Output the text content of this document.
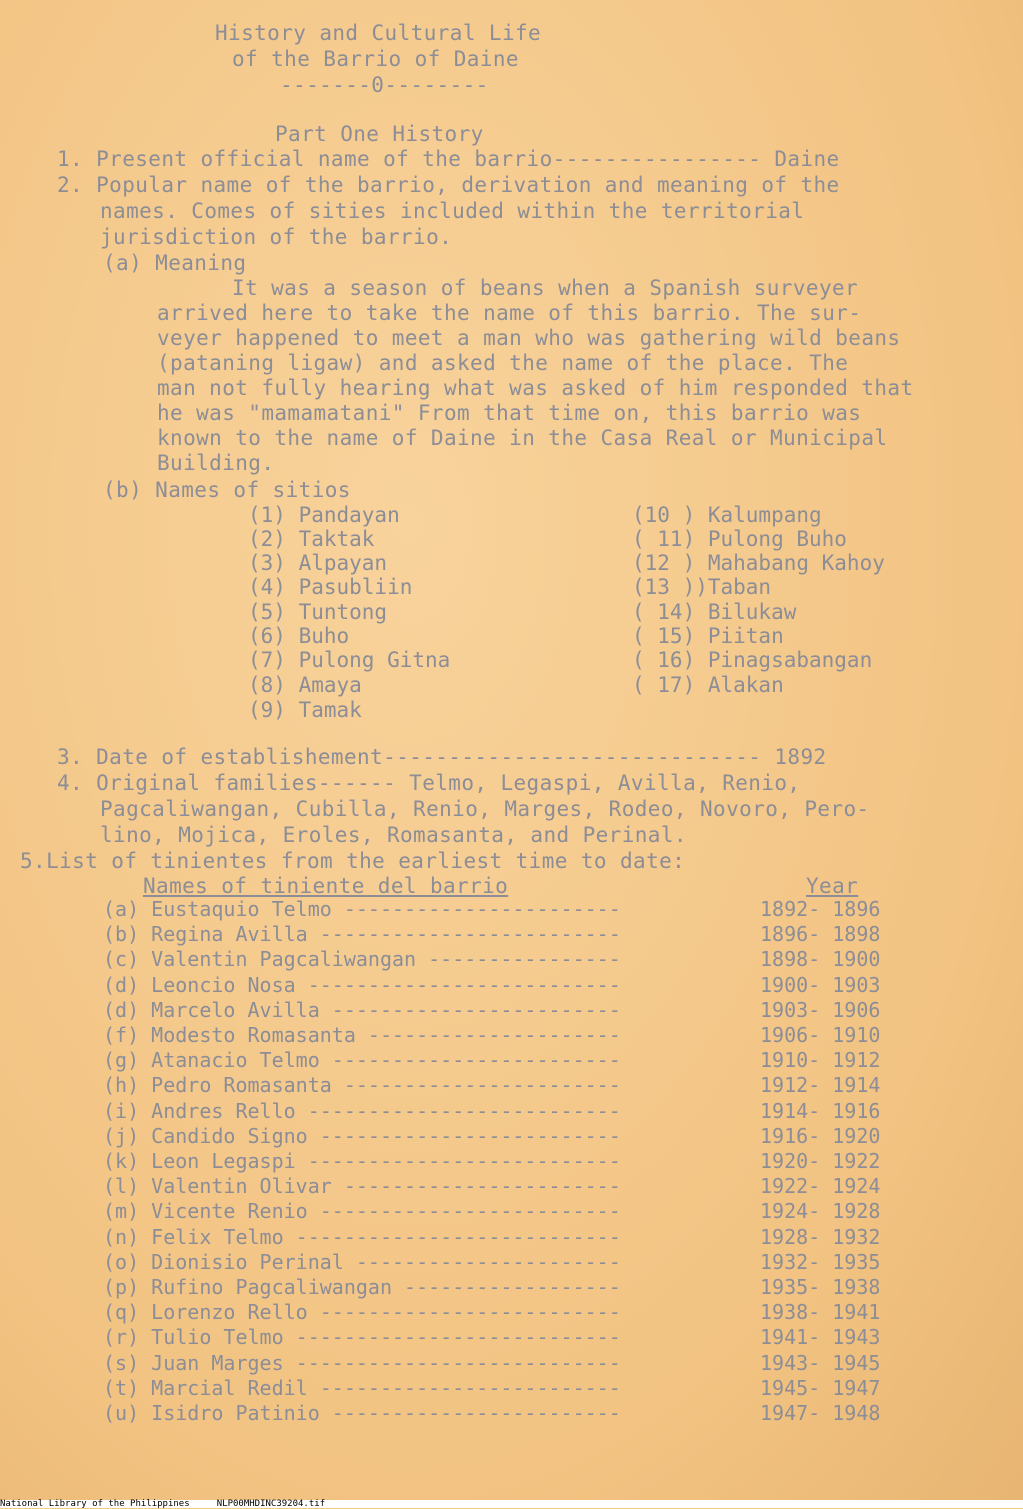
History and Cultural Life
of the Barrio of Daine
-------0--------
Part One History
1. Present official name of the barrio---------------- Daine
2. Popular name of the barrio, derivation and meaning of the
names. Comes of sities included within the territorial
jurisdiction of the barrio.
(a) Meaning
It was a season of beans when a Spanish surveyer
arrived here to take the name of this barrio. The sur-
veyer happened to meet a man who was gathering wild beans
(pataning ligaw) and asked the name of the place. The
man not fully hearing what was asked of him responded that
he was "mamamatani" From that time on, this barrio was
known to the name of Daine in the Casa Real or Municipal
Building.
(b) Names of sitios
(1) Pandayan
(2) Taktak
(3) Alpayan
(4) Pasubliin
(5) Tuntong
(6) Buho
(7) Pulong Gitna
(8) Amaya
(9) Tamak
(10 ) Kalumpang
( 11) Pulong Buho
(12 ) Mahabang Kahoy
(13 ))Taban
( 14) Bilukaw
( 15) Piitan
( 16) Pinagsabangan
( 17) Alakan
3. Date of establishement----------------------------- 1892
4. Original families------ Telmo, Legaspi, Avilla, Renio,
Pagcaliwangan, Cubilla, Renio, Marges, Rodeo, Novoro, Pero-
lino, Mojica, Eroles, Romasanta, and Perinal.
5.List of tinientes from the earliest time to date:
Names of tiniente del barrio	Year
(a) Eustaquio Telmo -----------------------	1892- 1896
(b) Regina Avilla -------------------------	1896- 1898
(c) Valentin Pagcaliwangan ----------------	1898- 1900
(d) Leoncio Nosa --------------------------	1900- 1903
(d) Marcelo Avilla ------------------------	1903- 1906
(f) Modesto Romasanta ---------------------	1906- 1910
(g) Atanacio Telmo ------------------------	1910- 1912
(h) Pedro Romasanta -----------------------	1912- 1914
(i) Andres Rello --------------------------	1914- 1916
(j) Candido Signo -------------------------	1916- 1920
(k) Leon Legaspi --------------------------	1920- 1922
(l) Valentin Olivar -----------------------	1922- 1924
(m) Vicente Renio -------------------------	1924- 1928
(n) Felix Telmo ---------------------------	1928- 1932
(o) Dionisio Perinal ----------------------	1932- 1935
(p) Rufino Pagcaliwangan ------------------	1935- 1938
(q) Lorenzo Rello -------------------------	1938- 1941
(r) Tulio Telmo ---------------------------	1941- 1943
(s) Juan Marges ---------------------------	1943- 1945
(t) Marcial Redil -------------------------	1945- 1947
(u) Isidro Patinio ------------------------	1947- 1948
National Library of the Philippines     NLP00MHDINC39204.tif
